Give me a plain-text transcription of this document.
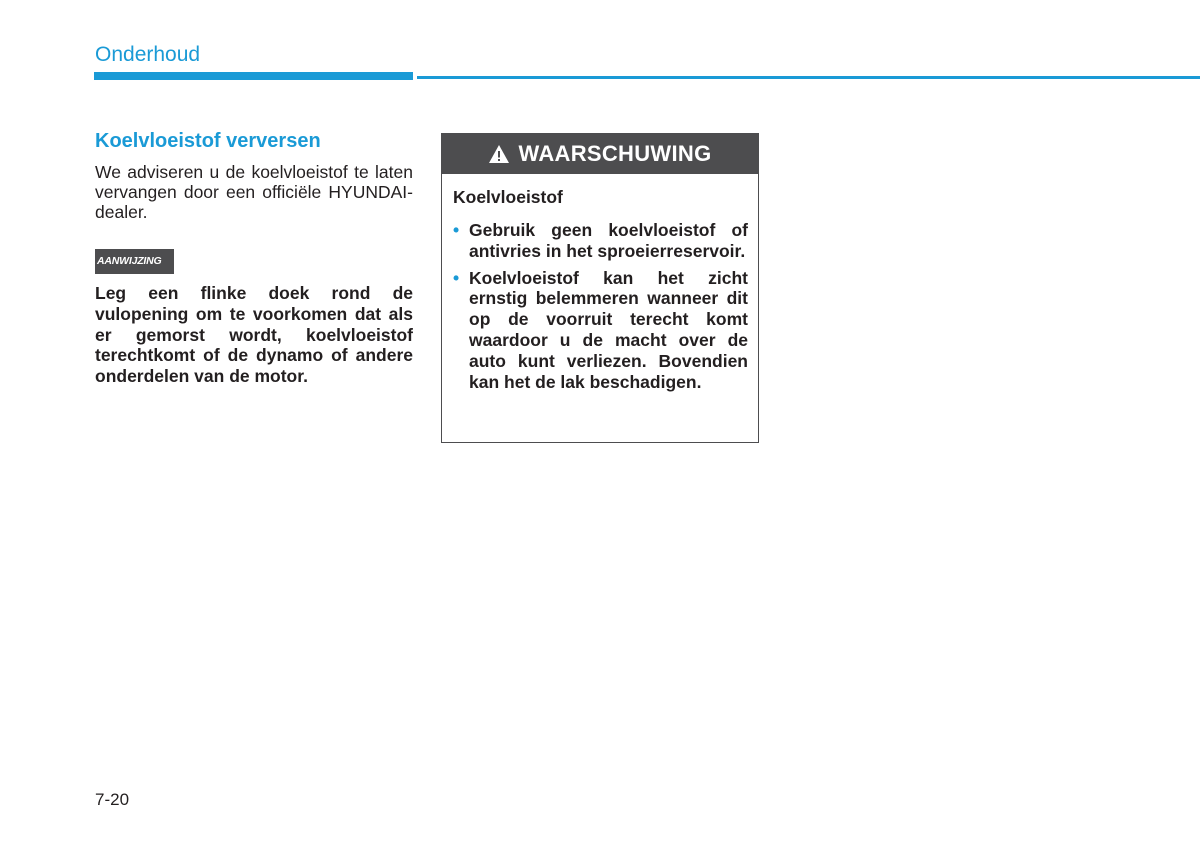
Onderhoud
Koelvloeistof verversen

We adviseren u de koelvloeistof te laten vervangen door een officiële HYUNDAI-dealer.

AANWIJZING

Leg een flinke doek rond de vulopening om te voorkomen dat als er gemorst wordt, koelvloeistof terechtkomt of de dynamo of andere onderdelen van de motor.

WAARSCHUWING

Koelvloeistof

• Gebruik geen koelvloeistof of antivries in het sproeierreservoir.
• Koelvloeistof kan het zicht ernstig belemmeren wanneer dit op de voorruit terecht komt waardoor u de macht over de auto kunt verliezen. Bovendien kan het de lak beschadigen.

7-20
